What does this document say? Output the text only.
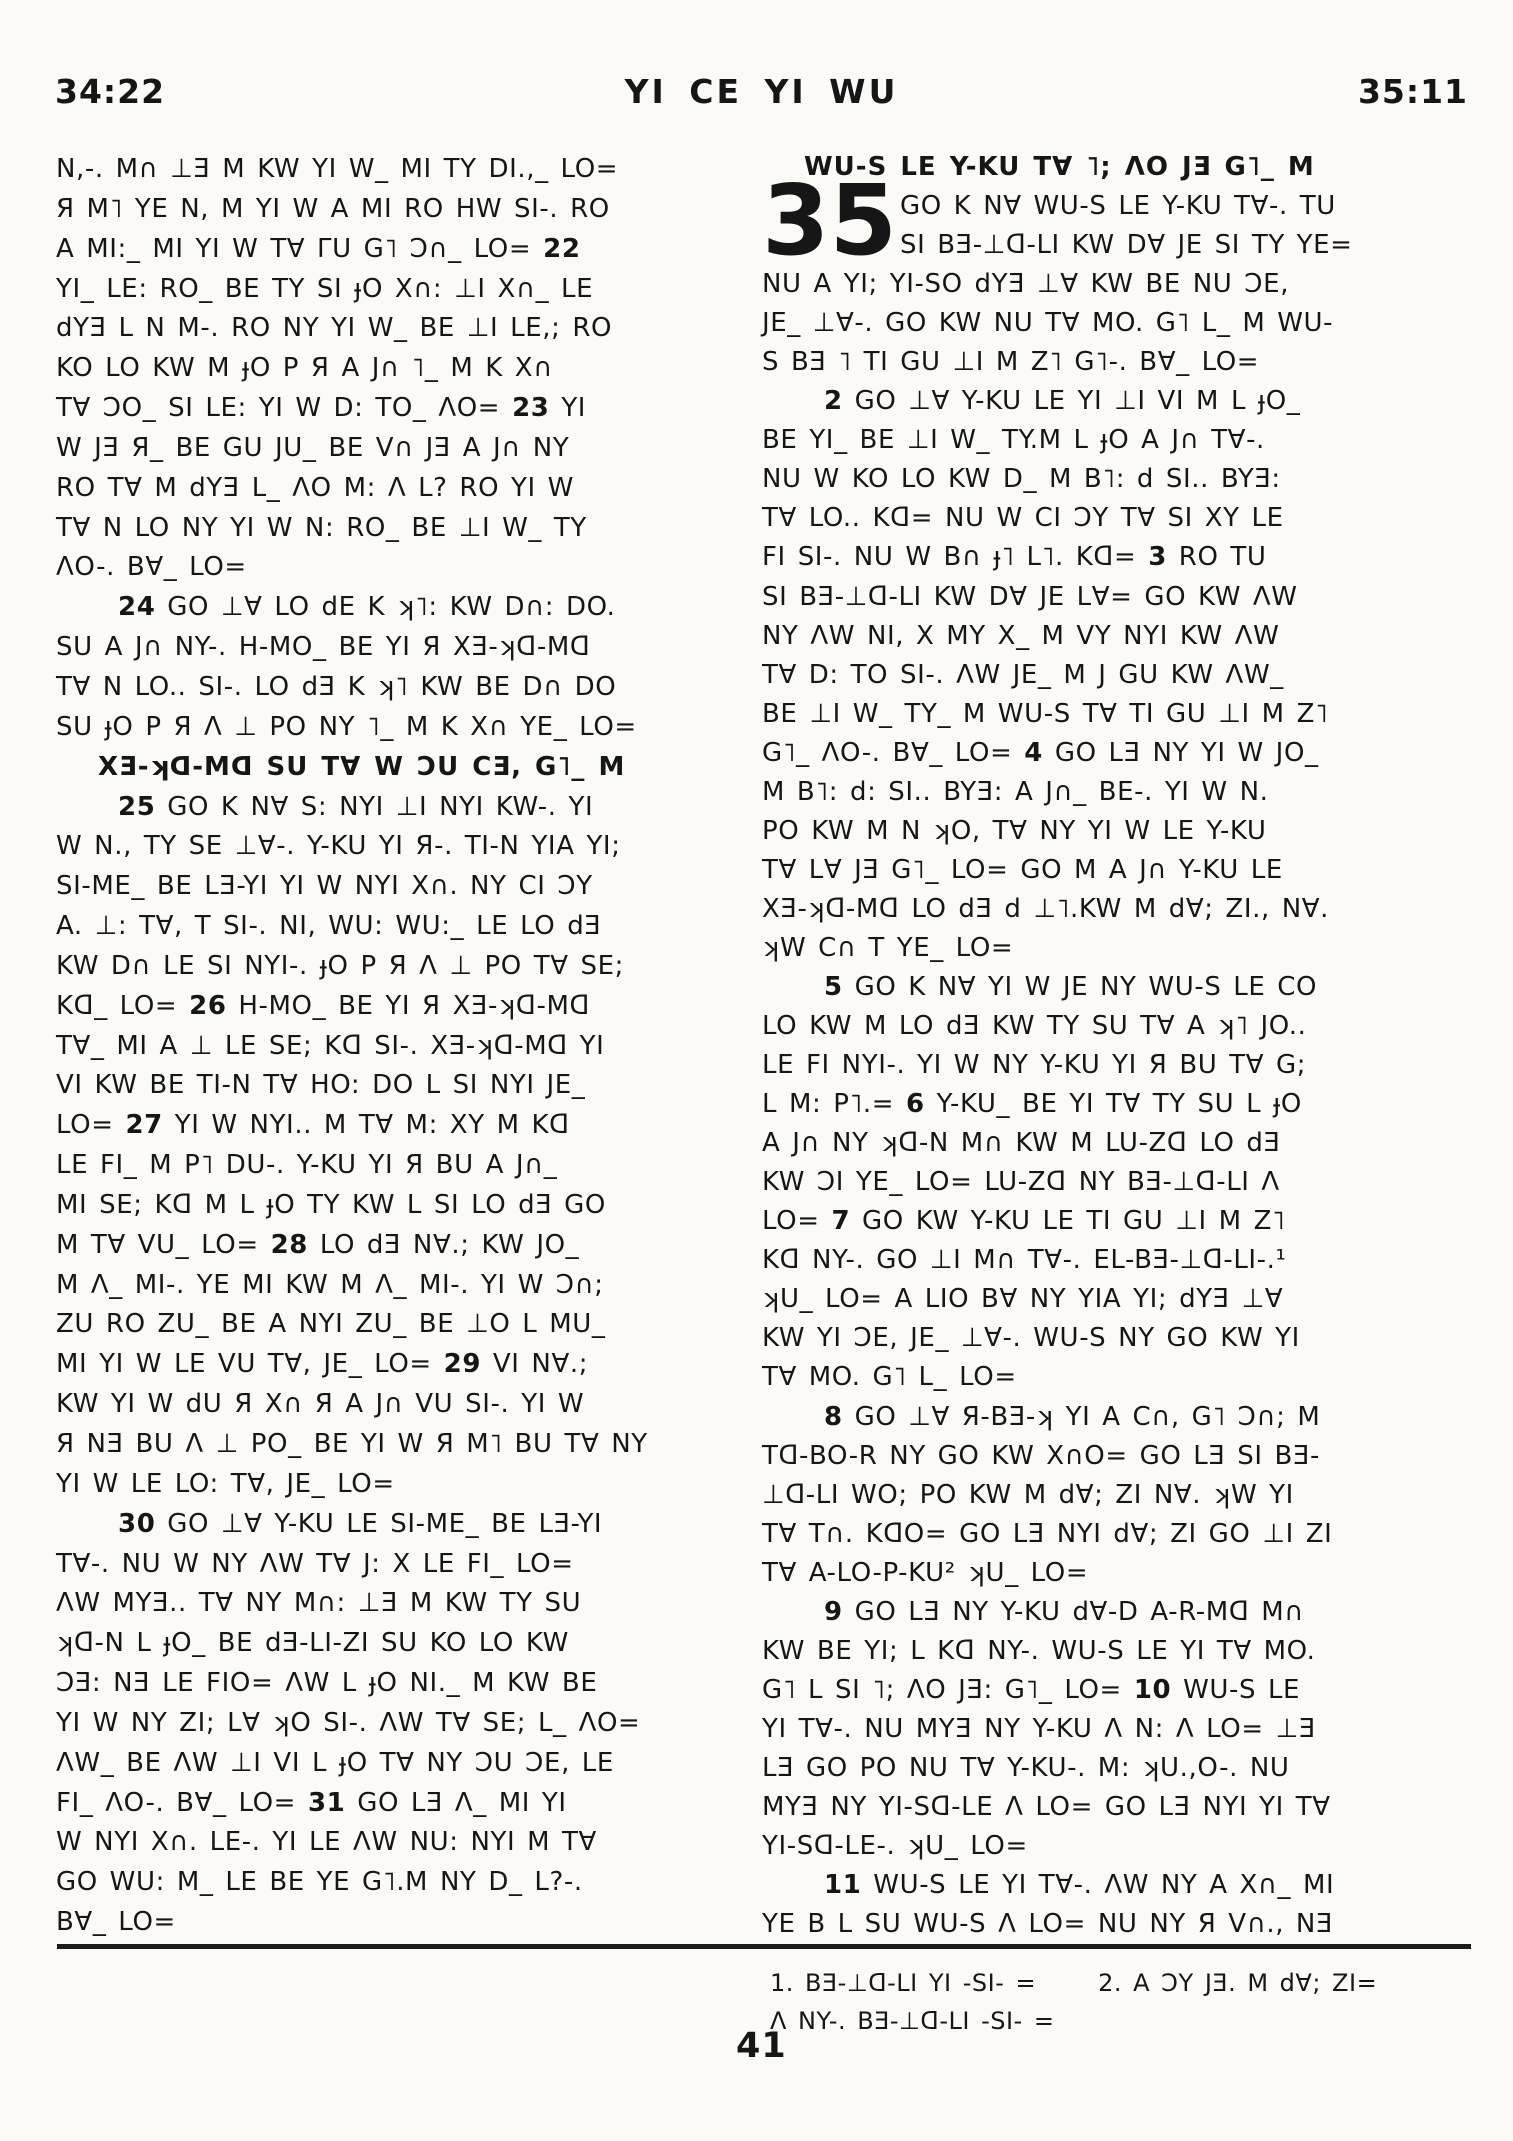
34:22	YI CE YI WU	35:11
N,-. M∩ ⊥Ǝ M KW YI W_ MI TY DI.,_ LO=
Я M˥ YE N, M YI W A MI RO HW SI-. RO
A MI:_ MI YI W T∀ ΓU G˥ Ɔ∩_ LO= 22
YI_ LE: RO_ BE TY SI ɟO X∩: ⊥I X∩_ LE
dYƎ L N M-. RO NY YI W_ BE ⊥I LE,; RO
KO LO KW M ɟO P Я A J∩ ˥_ M K X∩
T∀ ƆO_ SI LE: YI W D: TO_ ΛO= 23 YI
W JƎ Я_ BE GU JU_ BE V∩ JƎ A J∩ NY
RO T∀ M dYƎ L_ ΛO M: Λ L? RO YI W
T∀ N LO NY YI W N: RO_ BE ⊥I W_ TY
ΛO-. B∀_ LO=
24 GO ⊥∀ LO dE K ʞ˥: KW D∩: DO.
SU A J∩ NY-. H-MO_ BE YI Я XƎ-ʞᗡ-Mᗡ
T∀ N LO.. SI-. LO dƎ K ʞ˥ KW BE D∩ DO
SU ɟO P Я Λ ⊥ PO NY ˥_ M K X∩ YE_ LO=
XƎ-ʞᗡ-Mᗡ SU T∀ W ƆU CƎ, G˥_ M
25 GO K N∀ S: NYI ⊥I NYI KW-. YI
W N., TY SE ⊥∀-. Y-KU YI Я-. TI-N YIA YI;
SI-ME_ BE LƎ-YI YI W NYI X∩. NY CI ƆY
A. ⊥: T∀, T SI-. NI, WU: WU:_ LE LO dƎ
KW D∩ LE SI NYI-. ɟO P Я Λ ⊥ PO T∀ SE;
Kᗡ_ LO= 26 H-MO_ BE YI Я XƎ-ʞᗡ-Mᗡ
T∀_ MI A ⊥ LE SE; Kᗡ SI-. XƎ-ʞᗡ-Mᗡ YI
VI KW BE TI-N T∀ HO: DO L SI NYI JE_
LO= 27 YI W NYI.. M T∀ M: XY M Kᗡ
LE FI_ M P˥ DU-. Y-KU YI Я BU A J∩_
MI SE; Kᗡ M L ɟO TY KW L SI LO dƎ GO
M T∀ VU_ LO= 28 LO dƎ N∀.; KW JO_
M Λ_ MI-. YE MI KW M Λ_ MI-. YI W Ɔ∩;
ZU RO ZU_ BE A NYI ZU_ BE ⊥O L MU_
MI YI W LE VU T∀, JE_ LO= 29 VI N∀.;
KW YI W dU Я X∩ Я A J∩ VU SI-. YI W
Я NƎ BU Λ ⊥ PO_ BE YI W Я M˥ BU T∀ NY
YI W LE LO: T∀, JE_ LO=
30 GO ⊥∀ Y-KU LE SI-ME_ BE LƎ-YI
T∀-. NU W NY ΛW T∀ J: X LE FI_ LO=
ΛW MYƎ.. T∀ NY M∩: ⊥Ǝ M KW TY SU
ʞᗡ-N L ɟO_ BE dƎ-LI-ZI SU KO LO KW
ƆƎ: NƎ LE FIO= ΛW L ɟO NI._ M KW BE
YI W NY ZI; L∀ ʞO SI-. ΛW T∀ SE; L_ ΛO=
ΛW_ BE ΛW ⊥I VI L ɟO T∀ NY ƆU ƆE, LE
FI_ ΛO-. B∀_ LO= 31 GO LƎ Λ_ MI YI
W NYI X∩. LE-. YI LE ΛW NU: NYI M T∀
GO WU: M_ LE BE YE G˥.M NY D_ L?-.
B∀_ LO=
35
WU-S LE Y-KU T∀ ˥; ΛO JƎ G˥_ M
GO K N∀ WU-S LE Y-KU T∀-. TU
SI BƎ-⊥ᗡ-LI KW D∀ JE SI TY YE=
NU A YI; YI-SO dYƎ ⊥∀ KW BE NU ƆE,
JE_ ⊥∀-. GO KW NU T∀ MO. G˥ L_ M WU-
S BƎ ˥ TI GU ⊥I M Z˥ G˥-. B∀_ LO=
2 GO ⊥∀ Y-KU LE YI ⊥I VI M L ɟO_
BE YI_ BE ⊥I W_ TY.M L ɟO A J∩ T∀-.
NU W KO LO KW D_ M B˥: d SI.. BYƎ:
T∀ LO.. Kᗡ= NU W CI ƆY T∀ SI XY LE
FI SI-. NU W B∩ ɟ˥ L˥. Kᗡ= 3 RO TU
SI BƎ-⊥ᗡ-LI KW D∀ JE L∀= GO KW ΛW
NY ΛW NI, X MY X_ M VY NYI KW ΛW
T∀ D: TO SI-. ΛW JE_ M J GU KW ΛW_
BE ⊥I W_ TY_ M WU-S T∀ TI GU ⊥I M Z˥
G˥_ ΛO-. B∀_ LO= 4 GO LƎ NY YI W JO_
M B˥: d: SI.. BYƎ: A J∩_ BE-. YI W N.
PO KW M N ʞO, T∀ NY YI W LE Y-KU
T∀ L∀ JƎ G˥_ LO= GO M A J∩ Y-KU LE
XƎ-ʞᗡ-Mᗡ LO dƎ d ⊥˥.KW M d∀; ZI., N∀.
ʞW C∩ T YE_ LO=
5 GO K N∀ YI W JE NY WU-S LE CO
LO KW M LO dƎ KW TY SU T∀ A ʞ˥ JO..
LE FI NYI-. YI W NY Y-KU YI Я BU T∀ G;
L M: P˥.= 6 Y-KU_ BE YI T∀ TY SU L ɟO
A J∩ NY ʞᗡ-N M∩ KW M LU-Zᗡ LO dƎ
KW ƆI YE_ LO= LU-Zᗡ NY BƎ-⊥ᗡ-LI Λ
LO= 7 GO KW Y-KU LE TI GU ⊥I M Z˥
Kᗡ NY-. GO ⊥I M∩ T∀-. EL-BƎ-⊥ᗡ-LI-.¹
ʞU_ LO= A LIO B∀ NY YIA YI; dYƎ ⊥∀
KW YI ƆE, JE_ ⊥∀-. WU-S NY GO KW YI
T∀ MO. G˥ L_ LO=
8 GO ⊥∀ Я-BƎ-ʞ YI A C∩, G˥ Ɔ∩; M
Tᗡ-BO-R NY GO KW X∩O= GO LƎ SI BƎ-
⊥ᗡ-LI WO; PO KW M d∀; ZI N∀. ʞW YI
T∀ T∩. KᗡO= GO LƎ NYI d∀; ZI GO ⊥I ZI
T∀ A-LO-P-KU² ʞU_ LO=
9 GO LƎ NY Y-KU d∀-D A-R-Mᗡ M∩
KW BE YI; L Kᗡ NY-. WU-S LE YI T∀ MO.
G˥ L SI ˥; ΛO JƎ: G˥_ LO= 10 WU-S LE
YI T∀-. NU MYƎ NY Y-KU Λ N: Λ LO= ⊥Ǝ
LƎ GO PO NU T∀ Y-KU-. M: ʞU.,O-. NU
MYƎ NY YI-Sᗡ-LE Λ LO= GO LƎ NYI YI T∀
YI-Sᗡ-LE-. ʞU_ LO=
11 WU-S LE YI T∀-. ΛW NY A X∩_ MI
YE B L SU WU-S Λ LO= NU NY Я V∩., NƎ
1. BƎ-⊥ᗡ-LI YI -SI- =	2. A ƆY JƎ. M d∀; ZI=
Λ NY-. BƎ-⊥ᗡ-LI -SI- =
41
